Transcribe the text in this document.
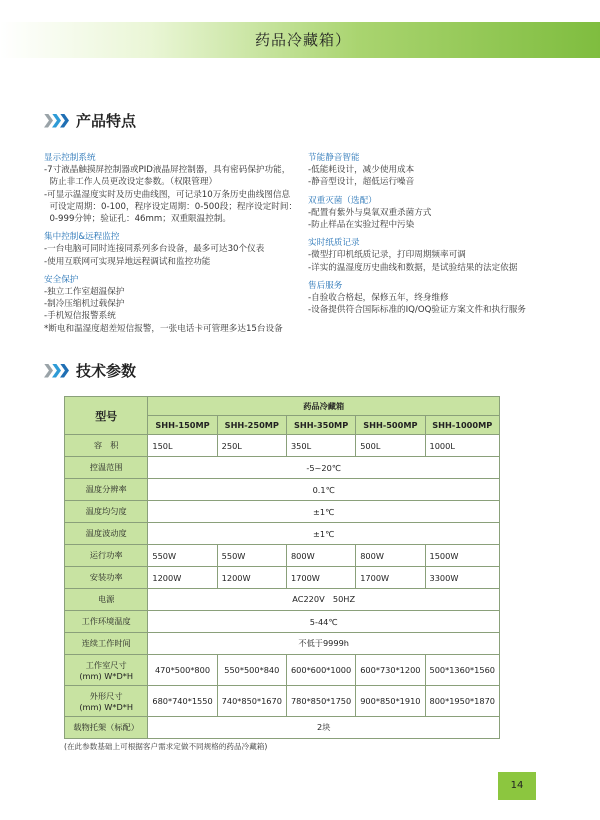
药品冷藏箱）
产品特点
显示控制系统
-7寸液晶触摸屏控制器或PID液晶屏控制器，具有密码保护功能，
防止非工作人员更改设定参数。（权限管理）
-可显示温湿度实时及历史曲线图，可记录10万条历史曲线图信息
可设定周期：0-100，程序设定周期：0-500段；程序设定时间：
0-999分钟；验证孔：46mm；双重限温控制。
集中控制&远程监控
-一台电脑可同时连接同系列多台设备，最多可达30个仪表
-使用互联网可实现异地远程调试和监控功能
安全保护
-独立工作室超温保护
-制冷压缩机过载保护
-手机短信报警系统
*断电和温湿度超差短信报警，一张电话卡可管理多达15台设备
节能静音智能
-低能耗设计，减少使用成本
-静音型设计，超低运行噪音
双重灭菌（选配）
-配置有紫外与臭氧双重杀菌方式
-防止样品在实验过程中污染
实时纸质记录
-微型打印机纸质记录，打印周期频率可调
-详实的温湿度历史曲线和数据，是试验结果的法定依据
售后服务
-自验收合格起，保修五年，终身维修
-设备提供符合国际标准的IQ/OQ验证方案文件和执行服务
技术参数
型号	药品冷藏箱				
	SHH-150MP	SHH-250MP	SHH-350MP	SHH-500MP	SHH-1000MP
容　积	150L	250L	350L	500L	1000L
控温范围	-5~20℃				
温度分辨率	0.1℃				
温度均匀度	±1℃				
温度波动度	±1℃				
运行功率	550W	550W	800W	800W	1500W
安装功率	1200W	1200W	1700W	1700W	3300W
电源	AC220V　50HZ				
工作环境温度	5-44℃				
连续工作时间	不低于9999h				
工作室尺寸
(mm) W*D*H	470*500*800	550*500*840	600*600*1000	600*730*1200	500*1360*1560
外形尺寸
(mm) W*D*H	680*740*1550	740*850*1670	780*850*1750	900*850*1910	800*1950*1870
载物托架（标配）	2块				
(在此参数基础上可根据客户需求定做不同规格的药品冷藏箱)
14
